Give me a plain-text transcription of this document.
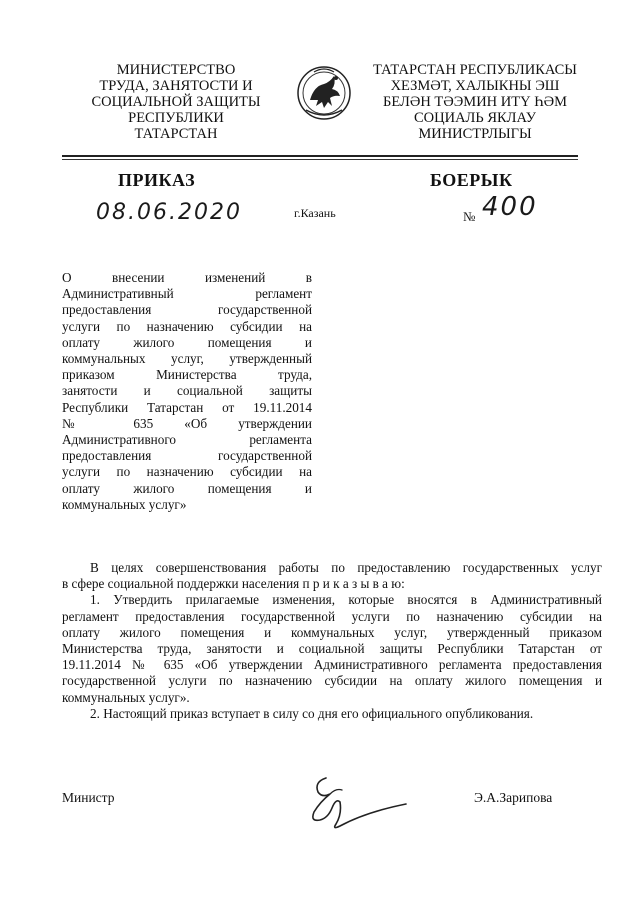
МИНИСТЕРСТВО
ТРУДА, ЗАНЯТОСТИ И
СОЦИАЛЬНОЙ ЗАЩИТЫ
РЕСПУБЛИКИ
ТАТАРСТАН
ТАТАРСТАН РЕСПУБЛИКАСЫ
ХЕЗМӘТ, ХАЛЫКНЫ ЭШ
БЕЛӘН ТӘЭМИН ИТҮ ҺӘМ
СОЦИАЛЬ ЯКЛАУ
МИНИСТРЛЫГЫ
ПРИКАЗ	БОЕРЫК
08.06.2020	г.Казань	№ 400
О внесении изменений в
Административный регламент
предоставления государственной
услуги по назначению субсидии на
оплату жилого помещения и
коммунальных услуг, утвержденный
приказом Министерства труда,
занятости и социальной защиты
Республики Татарстан от 19.11.2014
№ 635 «Об утверждении
Административного регламента
предоставления государственной
услуги по назначению субсидии на
оплату жилого помещения и
коммунальных услуг»
В целях совершенствования работы по предоставлению государственных услуг
в сфере социальной поддержки населения п р и к а з ы в а ю:
1. Утвердить прилагаемые изменения, которые вносятся в Административный
регламент предоставления государственной услуги по назначению субсидии на
оплату жилого помещения и коммунальных услуг, утвержденный приказом
Министерства труда, занятости и социальной защиты Республики Татарстан от
19.11.2014 № 635 «Об утверждении Административного регламента предоставления
государственной услуги по назначению субсидии на оплату жилого помещения и
коммунальных услуг».
2. Настоящий приказ вступает в силу со дня его официального опубликования.
Министр	Э.А.Зарипова
